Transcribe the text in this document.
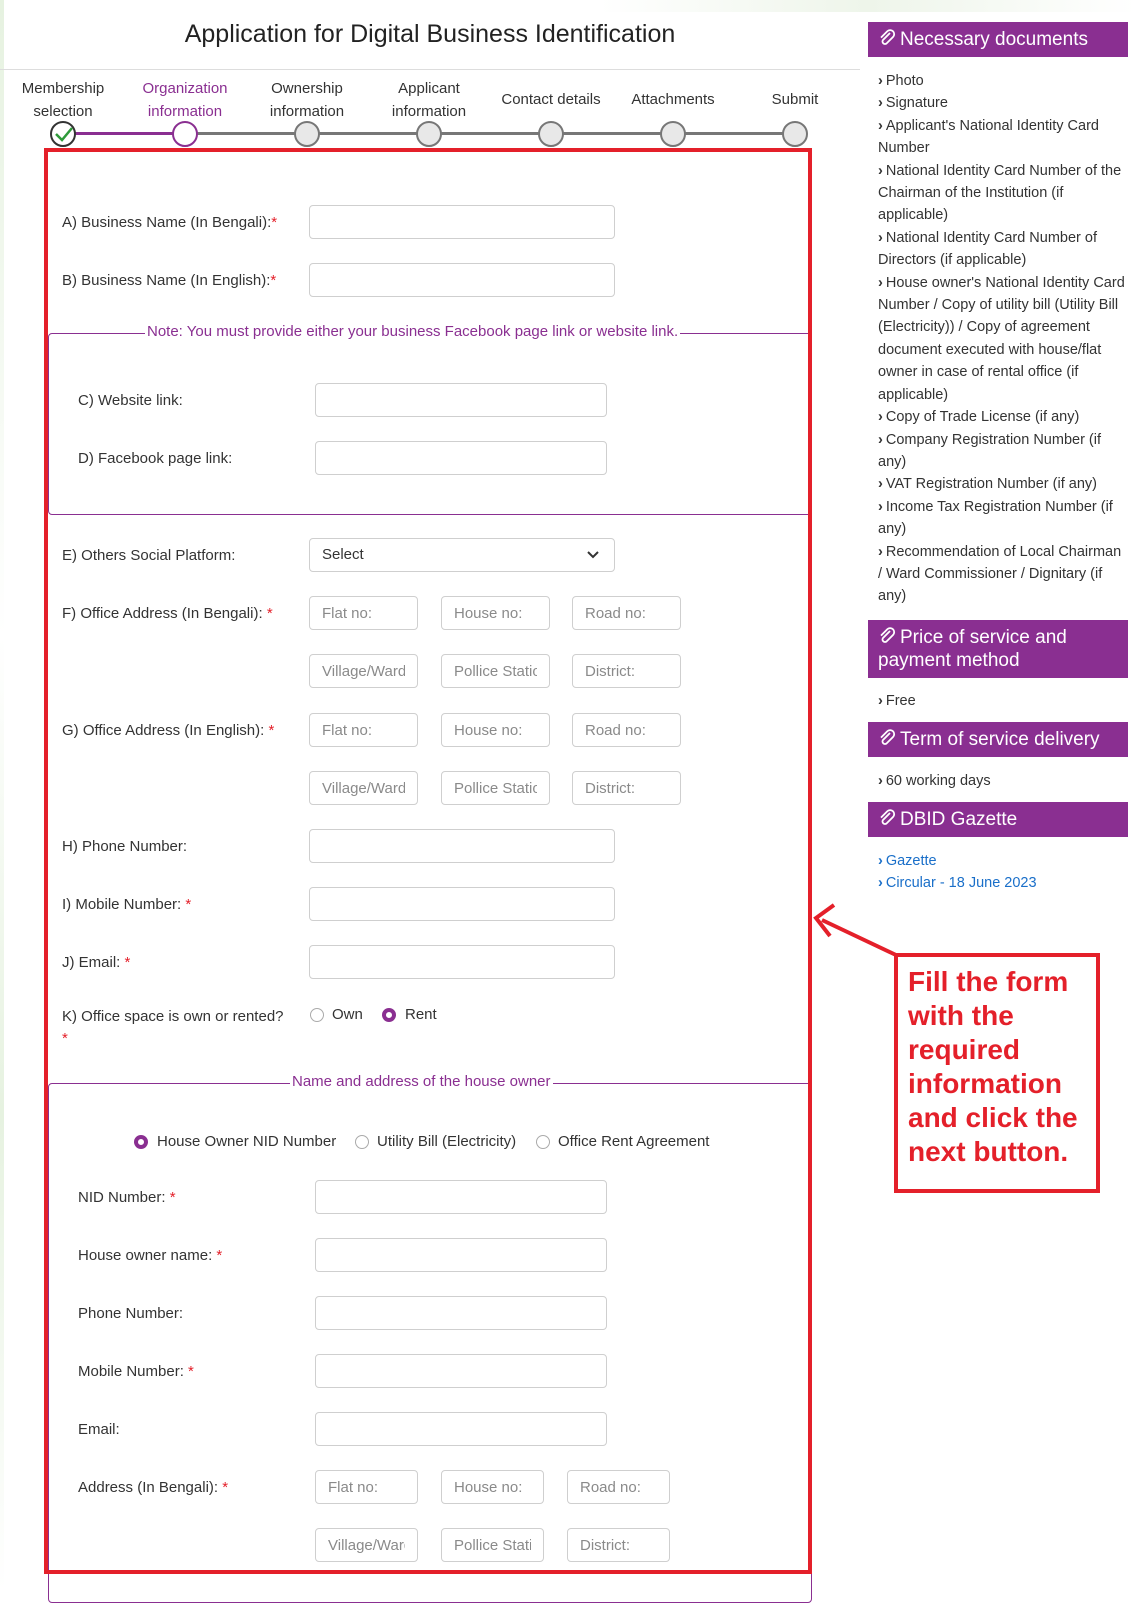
Application for Digital Business Identification
Membership selection
Organization information
Ownership information
Applicant information
Contact details	Attachments	Submit
A) Business Name (In Bengali):*
B) Business Name (In English):*
Note: You must provide either your business Facebook page link or website link.
C) Website link:
D) Facebook page link:
E) Others Social Platform:	Select
F) Office Address (In Bengali): *
Flat no:
House no:
Road no:
Village/Ward
Pollice Station
District:
G) Office Address (In English): *
Flat no:
House no:
Road no:
Village/Ward
Pollice Station
District:
H) Phone Number:
I) Mobile Number: *
J) Email: *
K) Office space is own or rented?
*
Own	Rent
Name and address of the house owner
House Owner NID Number	Utility Bill (Electricity)	Office Rent Agreement
NID Number: *
House owner name: *
Phone Number:
Mobile Number: *
Email:
Address (In Bengali): *
Flat no:
House no:
Road no:
Village/Ward
Pollice Station
District:
Necessary documents
› Photo
› Signature
› Applicant's National Identity Card Number
› National Identity Card Number of the Chairman of the Institution (if applicable)
› National Identity Card Number of Directors (if applicable)
› House owner's National Identity Card Number / Copy of utility bill (Utility Bill (Electricity)) / Copy of agreement document executed with house/flat owner in case of rental office (if applicable)
› Copy of Trade License (if any)
› Company Registration Number (if any)
› VAT Registration Number (if any)
› Income Tax Registration Number (if any)
› Recommendation of Local Chairman / Ward Commissioner / Dignitary (if any)
Price of service and payment method
› Free
Term of service delivery
› 60 working days
DBID Gazette
› Gazette
› Circular - 18 June 2023
Fill the form with the required information and click the next button.
